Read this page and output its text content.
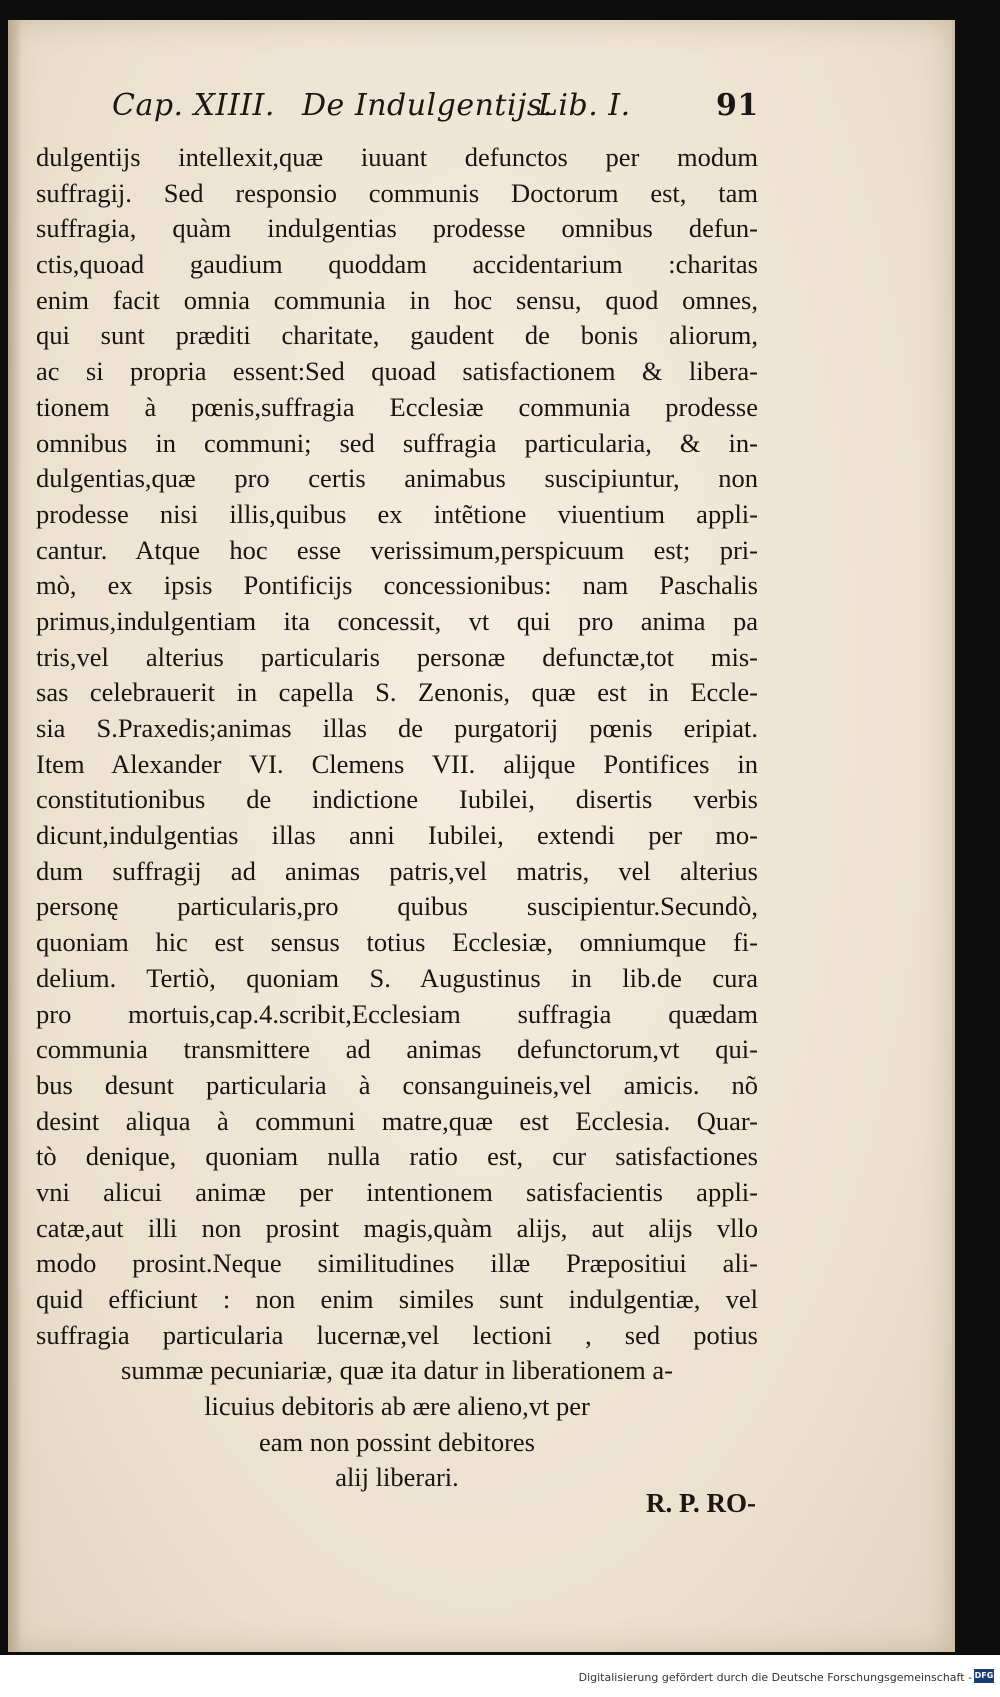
Cap. XIIII. De Indulgentijs.
Lib. I.	91
dulgentijs intellexit,quæ iuuant defunctos per modum
suffragij. Sed responsio communis Doctorum est, tam
suffragia, quàm indulgentias prodesse omnibus defun-
ctis,quoad gaudium quoddam accidentarium :charitas
enim facit omnia communia in hoc sensu, quod omnes,
qui sunt præditi charitate, gaudent de bonis aliorum,
ac si propria essent:Sed quoad satisfactionem & libera-
tionem à pœnis,suffragia Ecclesiæ communia prodesse
omnibus in communi; sed suffragia particularia, & in-
dulgentias,quæ pro certis animabus suscipiuntur, non
prodesse nisi illis,quibus ex intẽtione viuentium appli-
cantur. Atque hoc esse verissimum,perspicuum est; pri-
mò, ex ipsis Pontificijs concessionibus: nam Paschalis
primus,indulgentiam ita concessit, vt qui pro anima pa
tris,vel alterius particularis personæ defunctæ,tot mis-
sas celebrauerit in capella S. Zenonis, quæ est in Eccle-
sia S.Praxedis;animas illas de purgatorij pœnis eripiat.
Item Alexander VI. Clemens VII. alijque Pontifices in
constitutionibus de indictione Iubilei, disertis verbis
dicunt,indulgentias illas anni Iubilei, extendi per mo-
dum suffragij ad animas patris,vel matris, vel alterius
personę particularis,pro quibus suscipientur.Secundò,
quoniam hic est sensus totius Ecclesiæ, omniumque fi-
delium. Tertiò, quoniam S. Augustinus in lib.de cura
pro mortuis,cap.4.scribit,Ecclesiam suffragia quædam
communia transmittere ad animas defunctorum,vt qui-
bus desunt particularia à consanguineis,vel amicis. nõ
desint aliqua à communi matre,quæ est Ecclesia. Quar-
tò denique, quoniam nulla ratio est, cur satisfactiones
vni alicui animæ per intentionem satisfacientis appli-
catæ,aut illi non prosint magis,quàm alijs, aut alijs vllo
modo prosint.Neque similitudines illæ Præpositiui ali-
quid efficiunt : non enim similes sunt indulgentiæ, vel
suffragia particularia lucernæ,vel lectioni , sed potius
summæ pecuniariæ, quæ ita datur in liberationem a-
licuius debitoris ab ære alieno,vt per
eam non possint debitores
alij liberari.
R. P. RO-
Digitalisierung gefördert durch die Deutsche Forschungsgemeinschaft - DFG
